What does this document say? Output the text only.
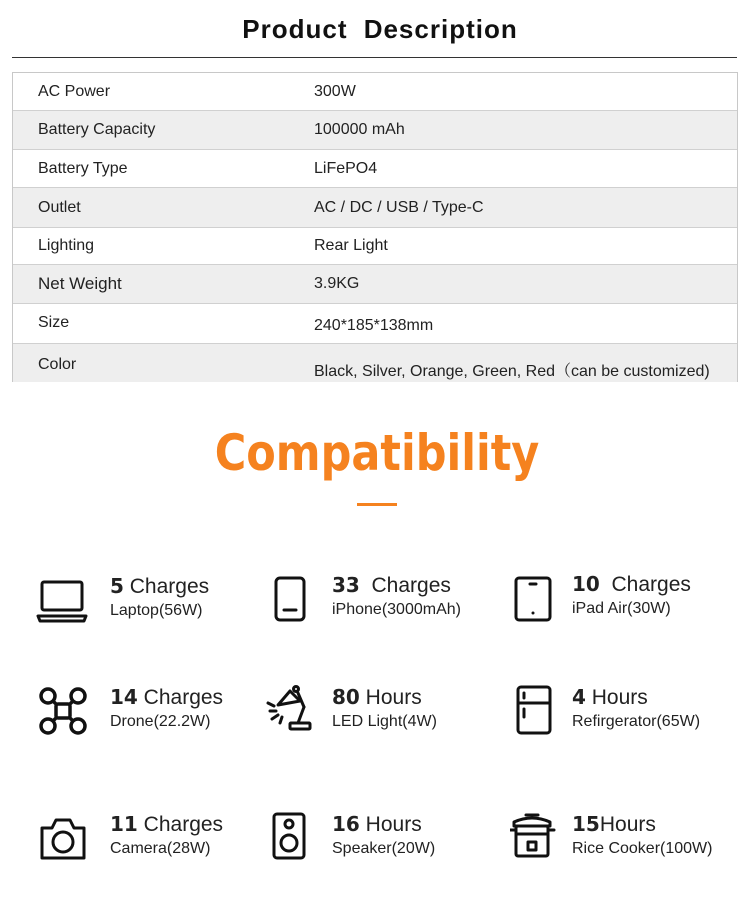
Product Description
AC Power	300W
Battery Capacity	100000 mAh
Battery Type	LiFePO4
Outlet	AC / DC / USB / Type-C
Lighting	Rear Light
Net Weight	3.9KG
Size	240*185*138mm
Color	Black, Silver, Orange, Green, Red（can be customized)
Compatibility
5 Charges
Laptop(56W)
33  Charges
iPhone(3000mAh)
10  Charges
iPad Air(30W)
14 Charges
Drone(22.2W)
80 Hours
LED Light(4W)
4 Hours
Refirgerator(65W)
11 Charges
Camera(28W)
16 Hours
Speaker(20W)
15Hours
Rice Cooker(100W)
